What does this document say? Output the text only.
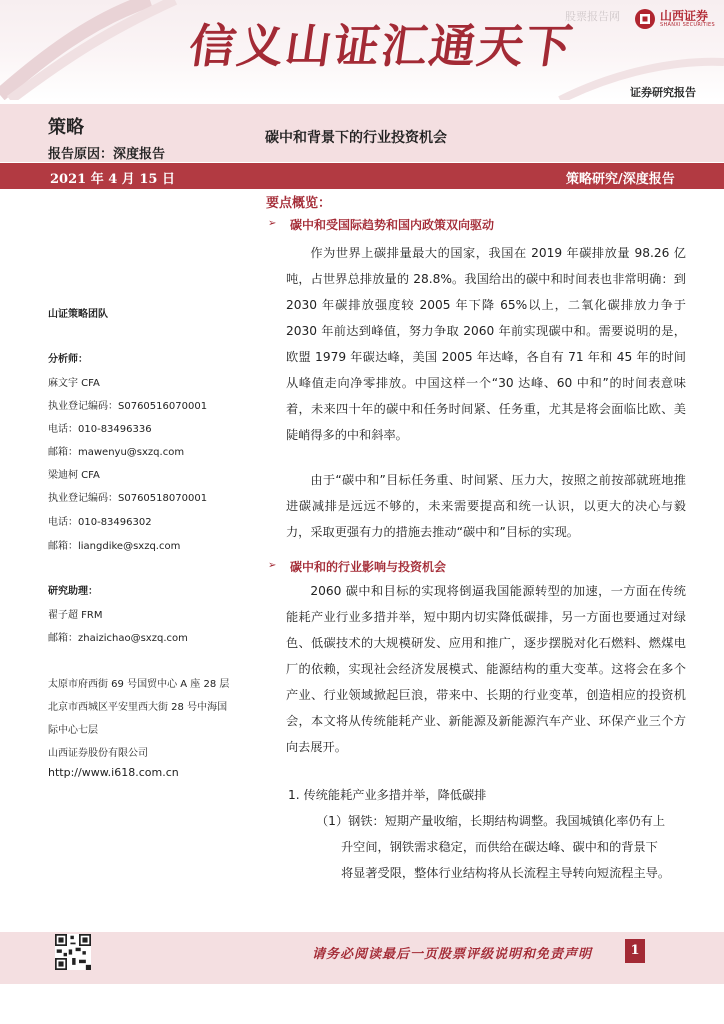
信义山证汇通天下
股票报告网	山西证券
SHANXI SECURITIES
证券研究报告
策略
报告原因：深度报告
碳中和背景下的行业投资机会
2021 年 4 月 15 日	策略研究/深度报告
山证策略团队
分析师：
麻文宇 CFA
执业登记编码：S0760516070001
电话：010-83496336
邮箱：mawenyu@sxzq.com
梁迪柯 CFA
执业登记编码：S0760518070001
电话：010-83496302
邮箱：liangdike@sxzq.com
研究助理：
翟子超 FRM
邮箱：zhaizichao@sxzq.com
太原市府西街 69 号国贸中心 A 座 28 层
北京市西城区平安里西大街 28 号中海国
际中心七层
山西证券股份有限公司
http://www.i618.com.cn
要点概览：
➢ 碳中和受国际趋势和国内政策双向驱动
作为世界上碳排量最大的国家，我国在 2019 年碳排放量 98.26 亿吨，占世界总排放量的 28.8%。我国给出的碳中和时间表也非常明确：到 2030 年碳排放强度较 2005 年下降 65%以上，二氧化碳排放力争于 2030 年前达到峰值，努力争取 2060 年前实现碳中和。需要说明的是，欧盟 1979 年碳达峰，美国 2005 年达峰，各自有 71 年和 45 年的时间从峰值走向净零排放。中国这样一个“30 达峰、60 中和”的时间表意味着，未来四十年的碳中和任务时间紧、任务重，尤其是将会面临比欧、美陡峭得多的中和斜率。
由于“碳中和”目标任务重、时间紧、压力大，按照之前按部就班地推进碳减排是远远不够的，未来需要提高和统一认识，以更大的决心与毅力，采取更强有力的措施去推动“碳中和”目标的实现。
➢ 碳中和的行业影响与投资机会
2060 碳中和目标的实现将倒逼我国能源转型的加速，一方面在传统能耗产业行业多措并举，短中期内切实降低碳排，另一方面也要通过对绿色、低碳技术的大规模研发、应用和推广，逐步摆脱对化石燃料、燃煤电厂的依赖，实现社会经济发展模式、能源结构的重大变革。这将会在多个产业、行业领域掀起巨浪，带来中、长期的行业变革，创造相应的投资机会，本文将从传统能耗产业、新能源及新能源汽车产业、环保产业三个方向去展开。
1. 传统能耗产业多措并举，降低碳排
（1）钢铁：短期产量收缩，长期结构调整。我国城镇化率仍有上
升空间，钢铁需求稳定，而供给在碳达峰、碳中和的背景下
将显著受限，整体行业结构将从长流程主导转向短流程主导。
请务必阅读最后一页股票评级说明和免责声明	1
